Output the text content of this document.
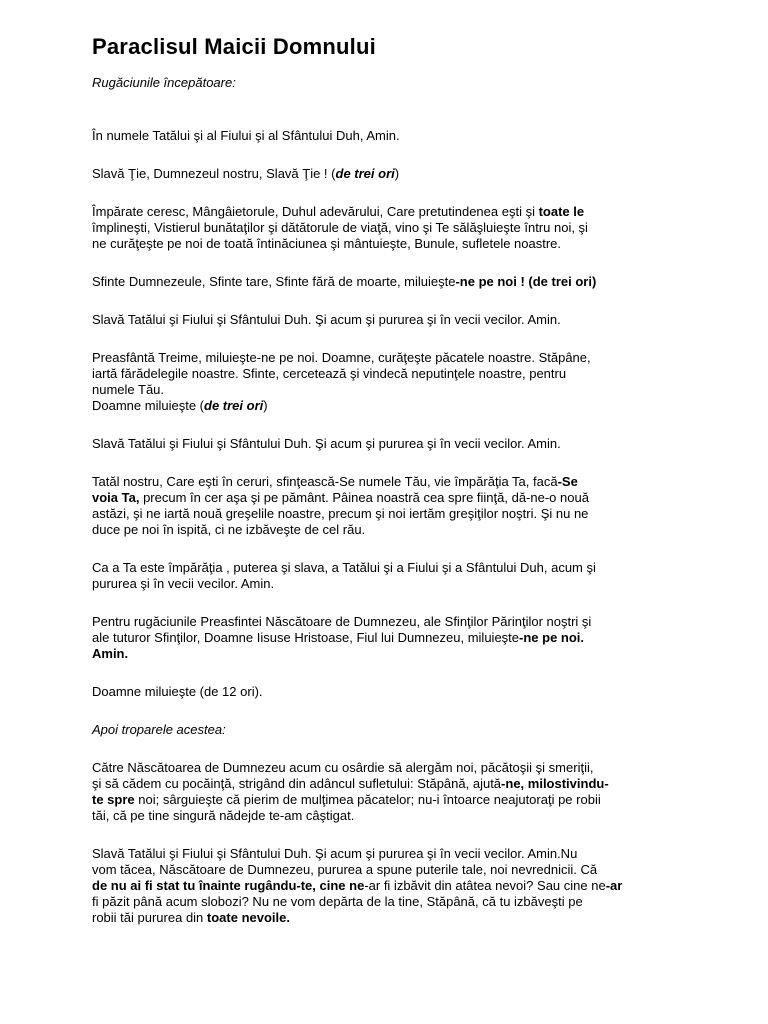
Paraclisul Maicii Domnului
Rugăciunile începătoare:

În numele Tatălui şi al Fiului şi al Sfântului Duh, Amin.

Slavă Ţie, Dumnezeul nostru, Slavă Ţie ! (de trei ori)

Împărate ceresc, Mângâietorule, Duhul adevărului, Care pretutindenea eşti şi toate le
împlineşti, Vistierul bunătaţilor şi dătătorule de viaţă, vino şi Te sălăşluieşte întru noi, şi
ne curăţeşte pe noi de toată întinăciunea şi mântuieşte, Bunule, sufletele noastre.

Sfinte Dumnezeule, Sfinte tare, Sfinte fără de moarte, miluieşte-ne pe noi ! (de trei ori)

Slavă Tatălui şi Fiului şi Sfântului Duh. Şi acum şi pururea şi în vecii vecilor. Amin.

Preasfântă Treime, miluieşte-ne pe noi. Doamne, curăţeşte păcatele noastre. Stăpâne,
iartă fărădelegile noastre. Sfinte, cercetează şi vindecă neputinţele noastre, pentru
numele Tău.
Doamne miluieşte (de trei ori)

Slavă Tatălui şi Fiului şi Sfântului Duh. Şi acum şi pururea şi în vecii vecilor. Amin.

Tatăl nostru, Care eşti în ceruri, sfinţească-Se numele Tău, vie împărăţia Ta, facă-Se
voia Ta, precum în cer aşa şi pe pământ. Pâinea noastră cea spre fiinţă, dă-ne-o nouă
astăzi, şi ne iartă nouă greşelile noastre, precum şi noi iertăm greşiţilor noştri. Şi nu ne
duce pe noi în ispită, ci ne izbăveşte de cel rău.

Ca a Ta este împărăţia , puterea şi slava, a Tatălui şi a Fiului şi a Sfântului Duh, acum şi
pururea şi în vecii vecilor. Amin.

Pentru rugăciunile Preasfintei Născătoare de Dumnezeu, ale Sfinţilor Părinţilor noştri şi
ale tuturor Sfinţilor, Doamne Iisuse Hristoase, Fiul lui Dumnezeu, miluieşte-ne pe noi.
Amin.

Doamne miluieşte (de 12 ori).

Apoi troparele acestea:

Către Născătoarea de Dumnezeu acum cu osârdie să alergăm noi, păcătoşii şi smeriţii,
şi să cădem cu pocăinţă, strigând din adâncul sufletului: Stăpână, ajută-ne, milostivindu-
te spre noi; sârguieşte că pierim de mulţimea păcatelor; nu-i întoarce neajutoraţi pe robii
tăi, că pe tine singură nădejde te-am câştigat.

Slavă Tatălui şi Fiului şi Sfântului Duh. Şi acum şi pururea şi în vecii vecilor. Amin.Nu
vom tăcea, Născătoare de Dumnezeu, pururea a spune puterile tale, noi nevrednicii. Că
de nu ai fi stat tu înainte rugându-te, cine ne-ar fi izbăvit din atâtea nevoi? Sau cine ne-ar
fi păzit până acum slobozi? Nu ne vom depărta de la tine, Stăpână, că tu izbăveşti pe
robii tăi pururea din toate nevoile.
